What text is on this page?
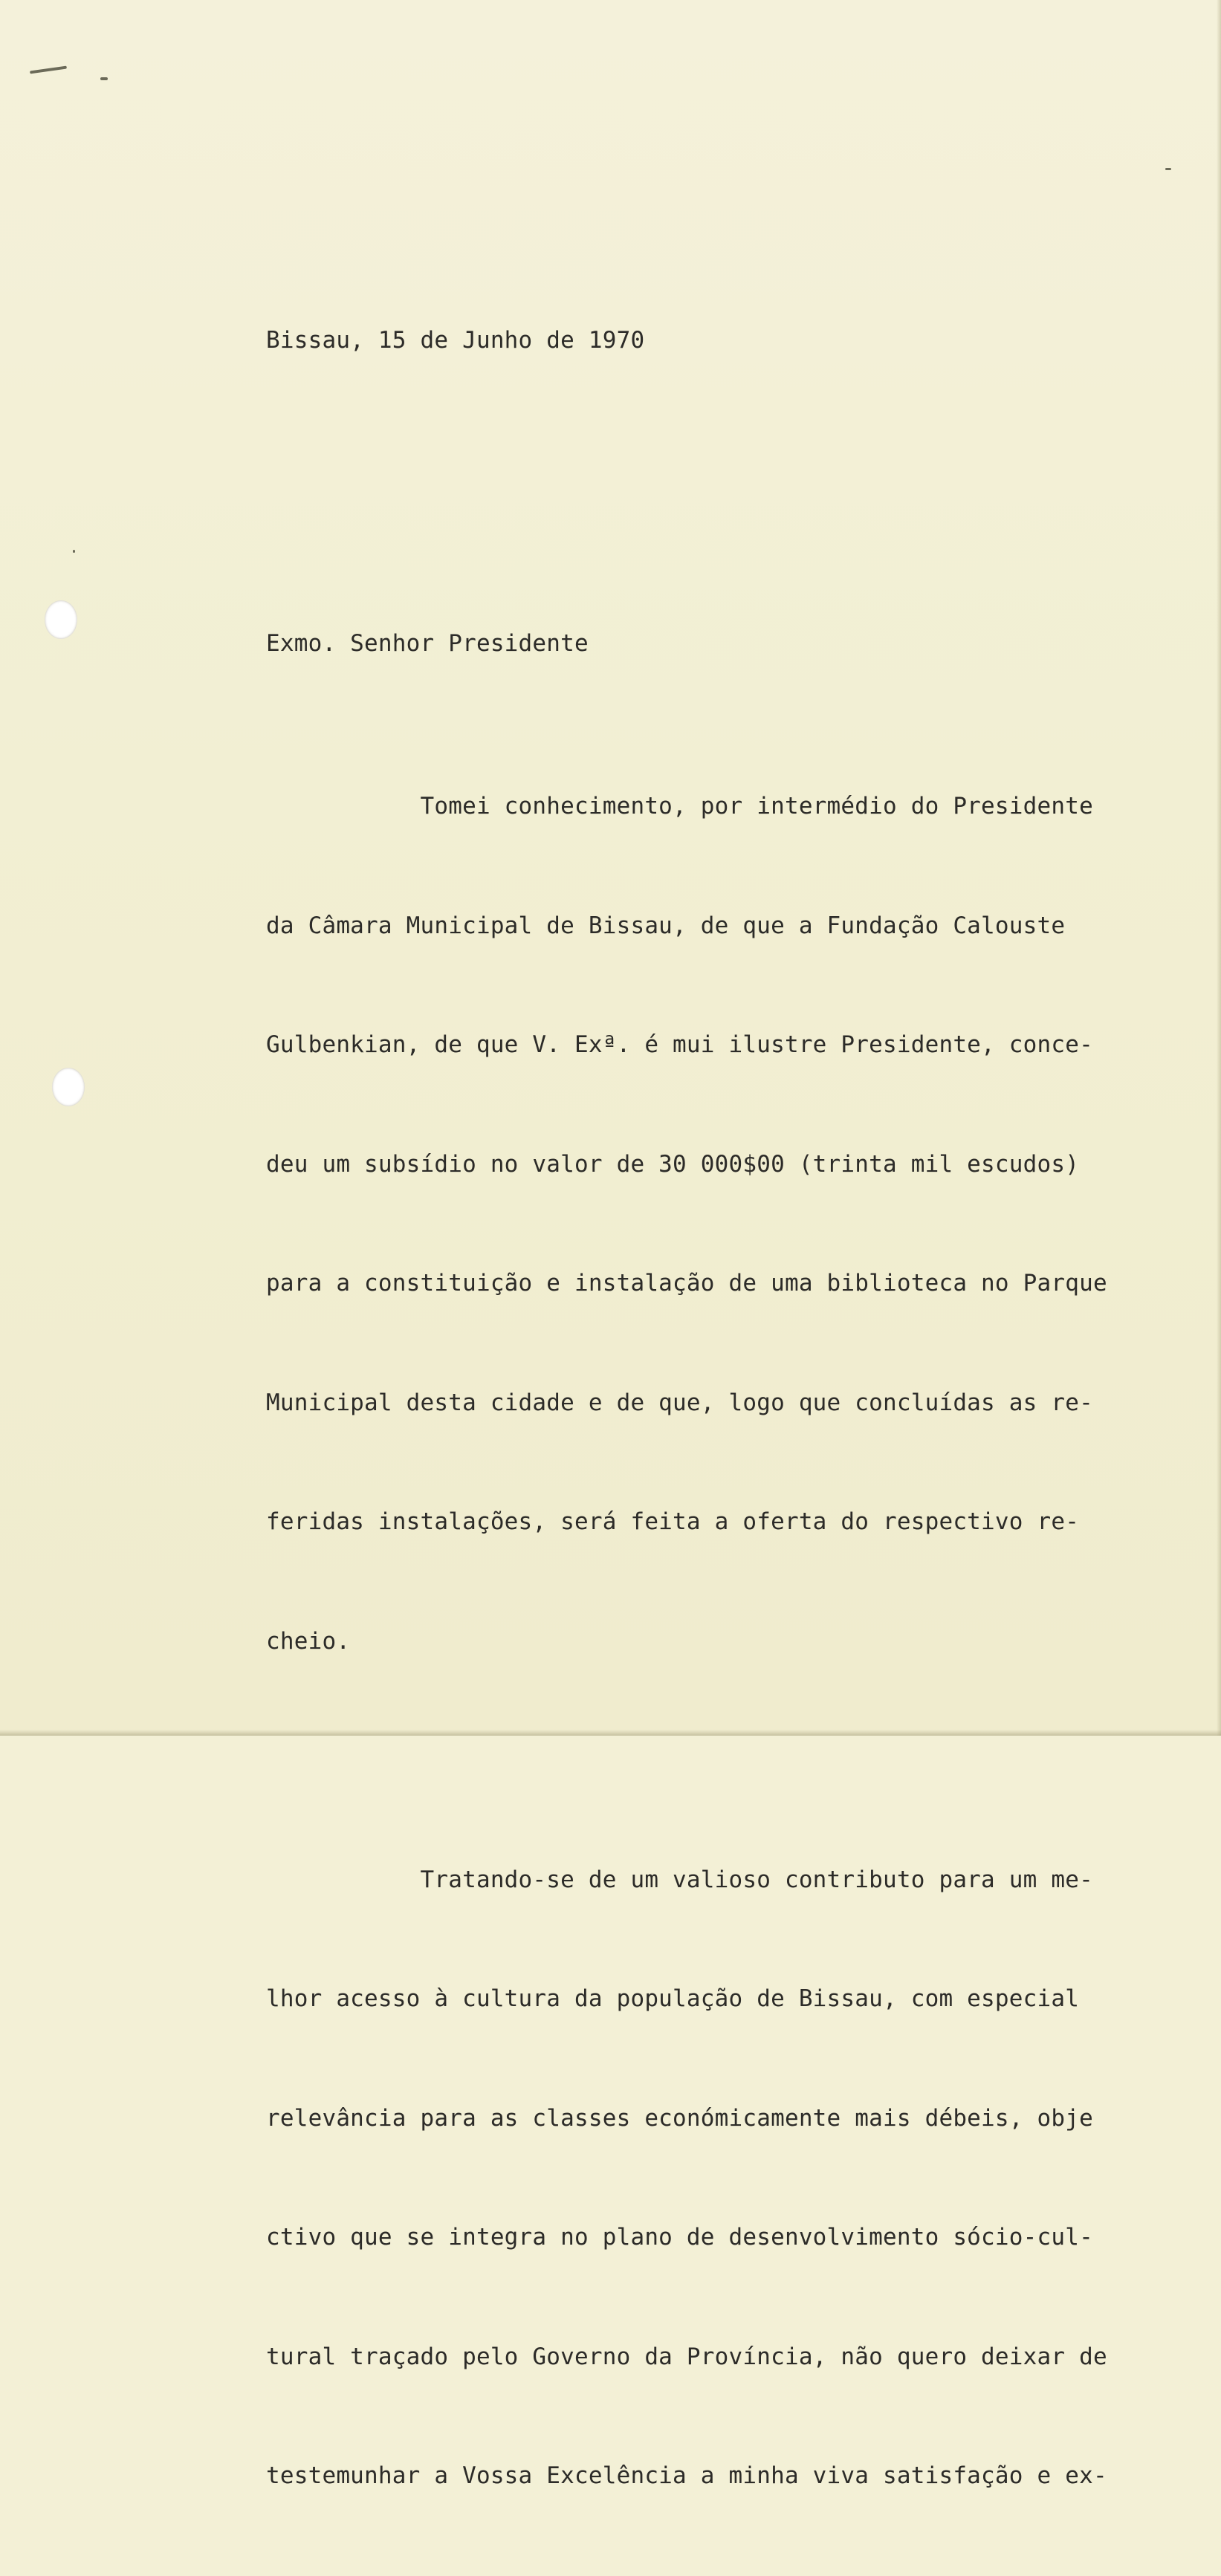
Bissau, 15 de Junho de 1970

Exmo. Senhor Presidente

Tomei conhecimento, por intermédio do Presidente

da Câmara Municipal de Bissau, de que a Fundação Calouste

Gulbenkian, de que V. Exª. é mui ilustre Presidente, conce-

deu um subsídio no valor de 30 000$00 (trinta mil escudos)

para a constituição e instalação de uma biblioteca no Parque

Municipal desta cidade e de que, logo que concluídas as re-

feridas instalações, será feita a oferta do respectivo re-

cheio.

Tratando-se de um valioso contributo para um me-

lhor acesso à cultura da população de Bissau, com especial

relevância para as classes económicamente mais débeis, obje

ctivo que se integra no plano de desenvolvimento sócio-cul-

tural traçado pelo Governo da Província, não quero deixar de

testemunhar a Vossa Excelência a minha viva satisfação e ex-
